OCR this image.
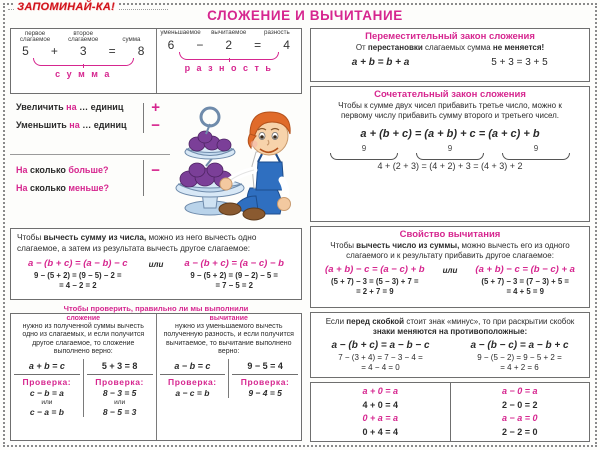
ЗАПОМИНАЙ-КА!
СЛОЖЕНИЕ И ВЫЧИТАНИЕ
первое	второе
слагаемое	слагаемое	сумма
5	+	3	=	8
с у м м а
уменьшаемое	вычитаемое	разность
6	−	2	=	4
р а з н о с т ь
Увеличить на … единиц +
Уменьшить на … единиц −
На сколько больше?	−
На сколько меньше?
Чтобы вычесть сумму из числа, можно из него вычесть одно слагаемое, а затем из результата вычесть другое слагаемое:
a − (b + c) = (a − b) − c
9 − (5 + 2) = (9 − 5) − 2 =
= 4 − 2 = 2
или	a − (b + c) = (a − c) − b
9 − (5 + 2) = (9 − 2) − 5 =
= 7 − 5 = 2
Чтобы проверить, правильно ли мы выполнили
сложение
нужно из полученной суммы вычесть одно из слагаемых, и если получится другое слагаемое, то сложение выполнено верно:
a + b = c
Проверка:
c − b = a
или
c − a = b
5 + 3 = 8
Проверка:
8 − 3 = 5
или
8 − 5 = 3
вычитание
нужно из уменьшаемого вычесть полученную разность, и если получится вычитаемое, то вычитание выполнено верно:
a − b = c
Проверка:
a − c = b
9 − 5 = 4
Проверка:
9 − 4 = 5
Переместительный закон сложения
От перестановки слагаемых сумма не меняется!
a + b = b + a	5 + 3 = 3 + 5
Сочетательный закон сложения
Чтобы к сумме двух чисел прибавить третье число, можно к первому числу прибавить сумму второго и третьего чисел.
a + (b + c) = (a + b) + c = (a + c) + b
9	9	9
4 + (2 + 3) = (4 + 2) + 3 = (4 + 3) + 2
Свойство вычитания
Чтобы вычесть число из суммы, можно вычесть его из одного слагаемого и к результату прибавить другое слагаемое:
(a + b) − c = (a − c) + b
(5 + 7) − 3 = (5 − 3) + 7 =
= 2 + 7 = 9
или	(a + b) − c = (b − c) + a
(5 + 7) − 3 = (7 − 3) + 5 =
= 4 + 5 = 9
Если перед скобкой стоит знак «минус», то при раскрытии скобок знаки меняются на противоположные:
a − (b + c) = a − b − c
7 − (3 + 4) = 7 − 3 − 4 =
= 4 − 4 = 0
a − (b − c) = a − b + c
9 − (5 − 2) = 9 − 5 + 2 =
= 4 + 2 = 6
a + 0 = a
4 + 0 = 4
0 + a = a
0 + 4 = 4
a − 0 = a
2 − 0 = 2
a − a = 0
2 − 2 = 0
